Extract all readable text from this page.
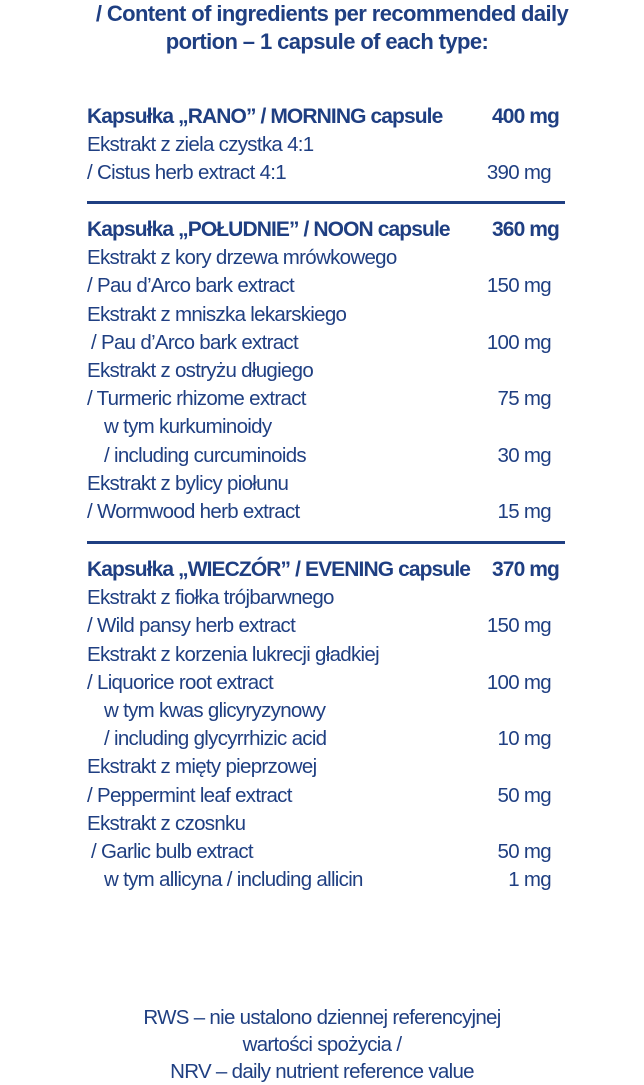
/ Content of ingredients per recommended daily
portion – 1 capsule of each type:
Kapsułka „RANO” / MORNING capsule 400 mg
Ekstrakt z ziela czystka 4:1
/ Cistus herb extract 4:1	390 mg
Kapsułka „POŁUDNIE” / NOON capsule 360 mg
Ekstrakt z kory drzewa mrówkowego
/ Pau d’Arco bark extract	150 mg
Ekstrakt z mniszka lekarskiego
/ Pau d’Arco bark extract	100 mg
Ekstrakt z ostryżu długiego
/ Turmeric rhizome extract	75 mg
w tym kurkuminoidy
/ including curcuminoids	30 mg
Ekstrakt z bylicy piołunu
/ Wormwood herb extract	15 mg
Kapsułka „WIECZÓR” / EVENING capsule 370 mg
Ekstrakt z fiołka trójbarwnego
/ Wild pansy herb extract	150 mg
Ekstrakt z korzenia lukrecji gładkiej
/ Liquorice root extract	100 mg
w tym kwas glicyryzynowy
/ including glycyrrhizic acid	10 mg
Ekstrakt z mięty pieprzowej
/ Peppermint leaf extract	50 mg
Ekstrakt z czosnku
/ Garlic bulb extract	50 mg
w tym allicyna / including allicin	1 mg
RWS – nie ustalono dziennej referencyjnej
wartości spożycia /
NRV – daily nutrient reference value
